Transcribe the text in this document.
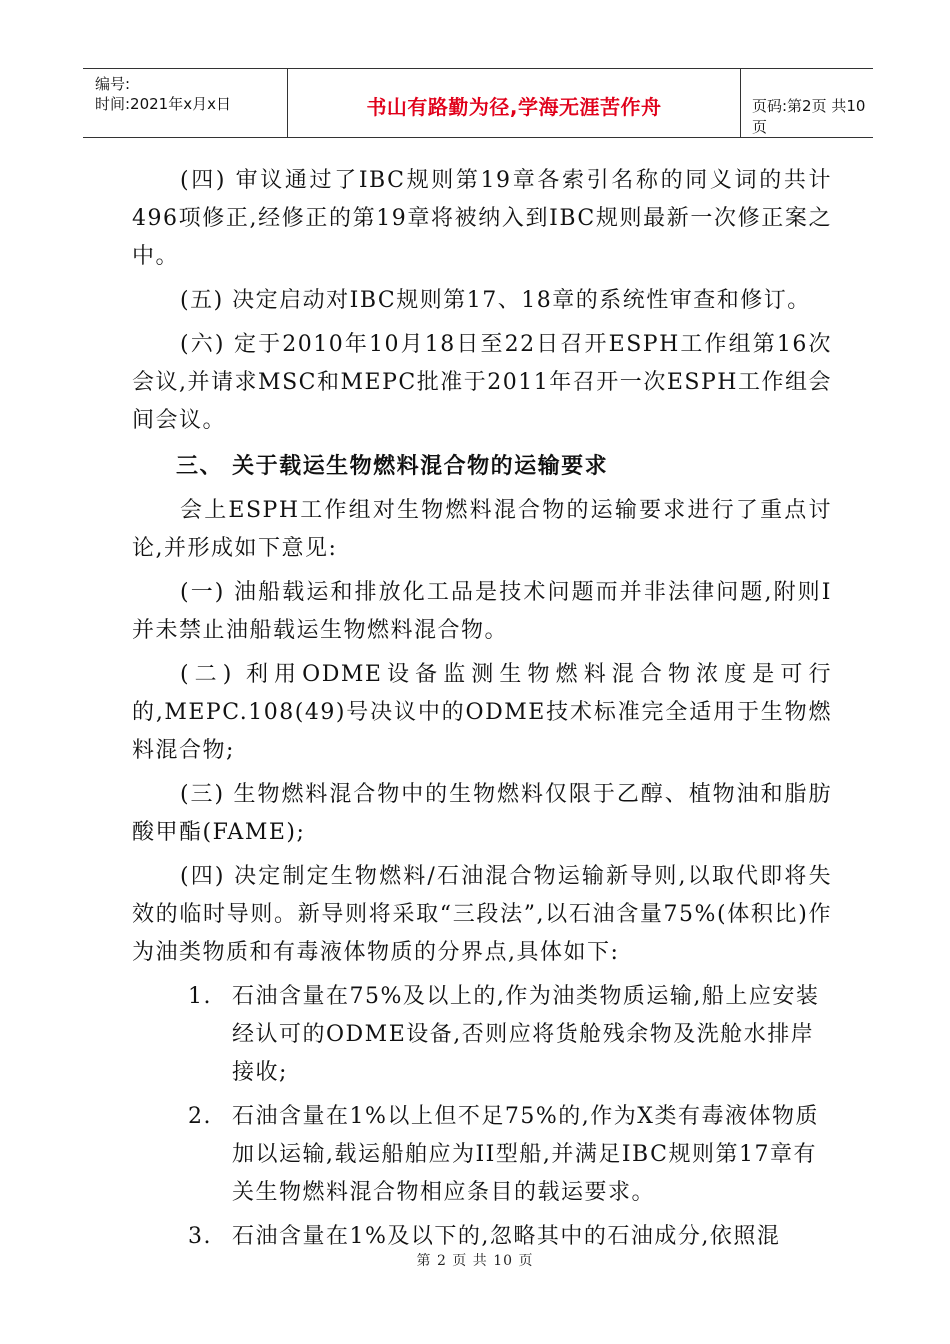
编号:
时间:2021年x月x日	书山有路勤为径,学海无涯苦作舟	页码:第2页 共10页

(四) 审议通过了IBC规则第19章各索引名称的同义词的共计496项修正,经修正的第19章将被纳入到IBC规则最新一次修正案之中。

(五) 决定启动对IBC规则第17、18章的系统性审查和修订。

(六) 定于2010年10月18日至22日召开ESPH工作组第16次会议,并请求MSC和MEPC批准于2011年召开一次ESPH工作组会间会议。

三、 关于载运生物燃料混合物的运输要求

会上ESPH工作组对生物燃料混合物的运输要求进行了重点讨论,并形成如下意见:

(一) 油船载运和排放化工品是技术问题而并非法律问题,附则I并未禁止油船载运生物燃料混合物。

(二) 利用ODME设备监测生物燃料混合物浓度是可行的,MEPC.108(49)号决议中的ODME技术标准完全适用于生物燃料混合物;

(三) 生物燃料混合物中的生物燃料仅限于乙醇、植物油和脂肪酸甲酯(FAME);

(四) 决定制定生物燃料/石油混合物运输新导则,以取代即将失效的临时导则。新导则将采取“三段法”,以石油含量75%(体积比)作为油类物质和有毒液体物质的分界点,具体如下:

1. 石油含量在75%及以上的,作为油类物质运输,船上应安装经认可的ODME设备,否则应将货舱残余物及洗舱水排岸接收;
2. 石油含量在1%以上但不足75%的,作为X类有毒液体物质加以运输,载运船舶应为II型船,并满足IBC规则第17章有关生物燃料混合物相应条目的载运要求。
3. 石油含量在1%及以下的,忽略其中的石油成分,依照混
第 2 页 共 10 页
